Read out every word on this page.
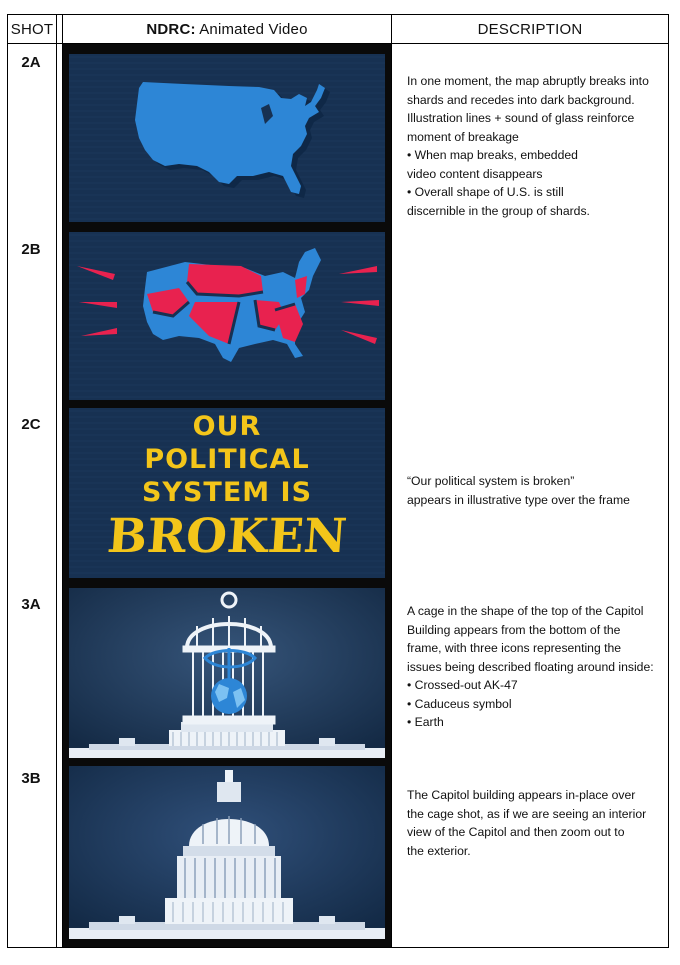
SHOT	NDRC: Animated Video	DESCRIPTION
2A
2B
2C
3A
3B
OUR
POLITICAL
SYSTEM IS
BROKEN

In one moment, the map abruptly breaks into

shards and recedes into dark background.

Illustration lines + sound of glass reinforce

moment of breakage

• When map breaks, embedded

video content disappears

• Overall shape of U.S. is still

discernible in the group of shards.

“Our political system is broken”

appears in illustrative type over the frame

A cage in the shape of the top of the Capitol

Building appears from the bottom of the

frame, with three icons representing the

issues being described floating around inside:

• Crossed-out AK-47

• Caduceus symbol

• Earth

The Capitol building appears in-place over

the cage shot, as if we are seeing an interior

view of the Capitol and then zoom out to

the exterior.
